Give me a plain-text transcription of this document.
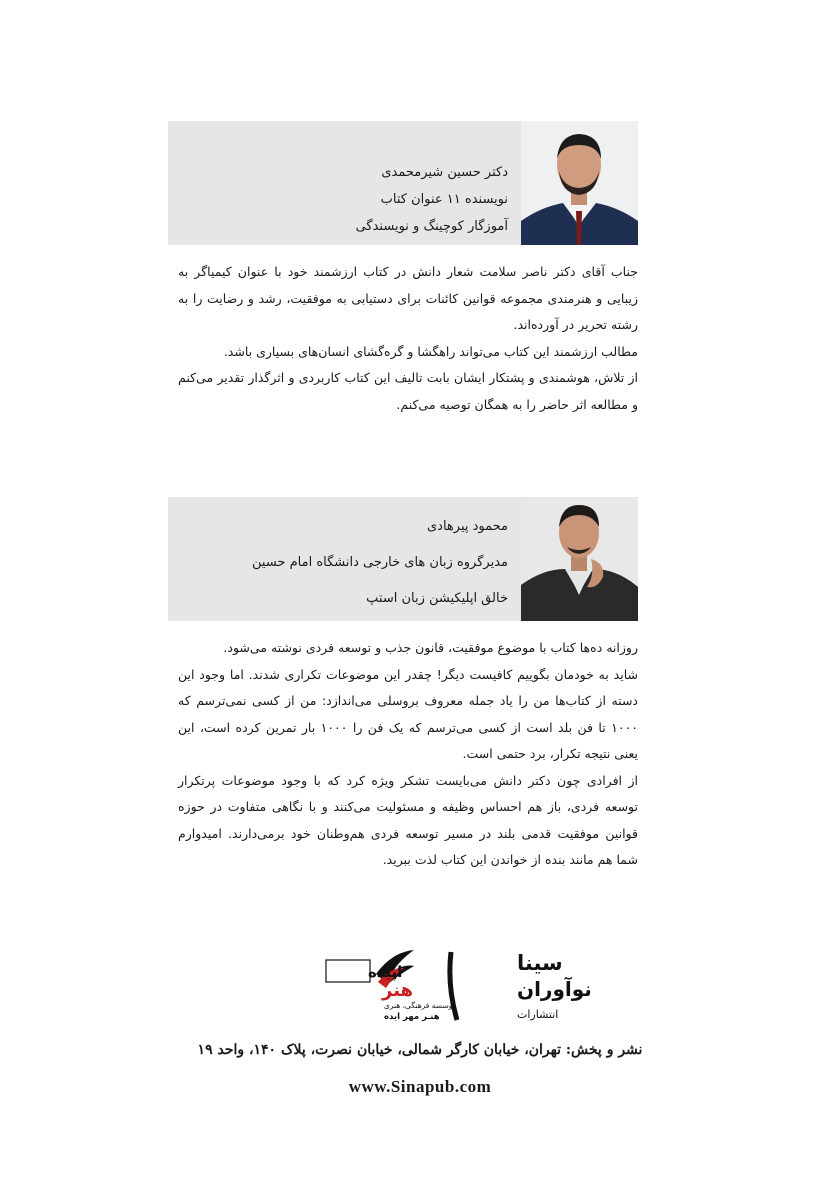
دکتر حسین شیرمحمدی
نویسنده ۱۱ عنوان کتاب
آموزگار کوچینگ و نویسندگی

جناب آقای دکتر ناصر سلامت شعار دانش در کتاب ارزشمند خود با عنوان کیمیاگر به زیبایی و هنرمندی مجموعه قوانین کائنات برای دستیابی به موفقیت، رشد و رضایت را به رشته تحریر در آورده‌اند.

مطالب ارزشمند این کتاب می‌تواند راهگشا و گره‌گشای انسان‌های بسیاری باشد.

از تلاش، هوشمندی و پشتکار ایشان بابت تالیف این کتاب کاربردی و اثرگذار تقدیر می‌کنم و مطالعه اثر حاضر را به همگان توصیه می‌کنم.

محمود پیرهادی
مدیرگروه زبان های خارجی دانشگاه امام حسین
خالق اپلیکیشن زبان استپ

روزانه ده‌ها کتاب با موضوع موفقیت، قانون جذب و توسعه فردی نوشته می‌شود.

شاید به خودمان بگوییم کافیست دیگر! چقدر این موضوعات تکراری شدند. اما وجود این دسته از کتاب‌ها من را یاد جمله معروف بروسلی می‌اندازد: من از کسی نمی‌ترسم که ۱۰۰۰ تا فن بلد است از کسی می‌ترسم که یک فن را ۱۰۰۰ بار تمرین کرده است، این یعنی نتیجه تکرار، برد حتمی است.

از افرادی چون دکتر دانش می‌بایست تشکر ویژه کرد که با وجود موضوعات پرتکرار توسعه فردی، باز هم احساس وظیفه و مسئولیت می‌کنند و با نگاهی متفاوت در حوزه قوانین موفقیت قدمی بلند در مسیر توسعه فردی هم‌وطنان خود برمی‌دارند. امیدوارم شما هم مانند بنده از خواندن این کتاب لذت ببرید.

سینا
نوآوران
انتشارات
اپیده
هنر
موسسه فرهنگی، هنری
هنـر مهر ایده
نشر و پخش: تهران، خیابان کارگر شمالی، خیابان نصرت، پلاک ۱۴۰، واحد ۱۹
www.Sinapub.com
